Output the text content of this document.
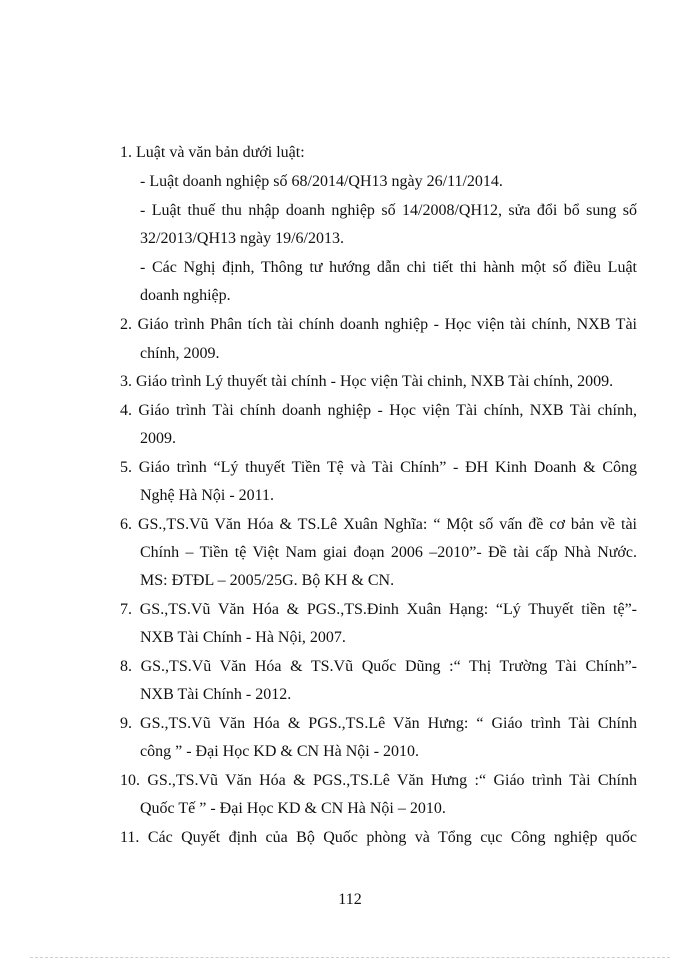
1. Luật và văn bản dưới luật:
- Luật doanh nghiệp số 68/2014/QH13 ngày 26/11/2014.
- Luật thuế thu nhập doanh nghiệp số 14/2008/QH12, sửa đổi bổ sung số
32/2013/QH13 ngày 19/6/2013.
- Các Nghị định, Thông tư hướng dẫn chi tiết thi hành một số điều Luật
doanh nghiệp.
2. Giáo trình Phân tích tài chính doanh nghiệp - Học viện tài chính, NXB Tài
chính, 2009.
3. Giáo trình Lý thuyết tài chính - Học viện Tài chinh, NXB Tài chính, 2009.
4. Giáo trình Tài chính doanh nghiệp - Học viện Tài chính, NXB Tài chính,
2009.
5. Giáo trình “Lý thuyết Tiền Tệ và Tài Chính” - ĐH Kinh Doanh & Công
Nghệ Hà Nội - 2011.
6. GS.,TS.Vũ Văn Hóa & TS.Lê Xuân Nghĩa: “ Một số vấn đề cơ bản về tài
Chính – Tiền tệ Việt Nam giai đoạn 2006 –2010”- Đề tài cấp Nhà Nước.
MS: ĐTĐL – 2005/25G. Bộ KH & CN.
7. GS.,TS.Vũ Văn Hóa & PGS.,TS.Đinh Xuân Hạng: “Lý Thuyết tiền tệ”-
NXB Tài Chính - Hà Nội, 2007.
8. GS.,TS.Vũ Văn Hóa & TS.Vũ Quốc Dũng :“ Thị Trường Tài Chính”-
NXB Tài Chính - 2012.
9. GS.,TS.Vũ Văn Hóa & PGS.,TS.Lê Văn Hưng: “ Giáo trình Tài Chính
công ” - Đại Học KD & CN Hà Nội - 2010.
10. GS.,TS.Vũ Văn Hóa & PGS.,TS.Lê Văn Hưng :“ Giáo trình Tài Chính
Quốc Tế ” - Đại Học KD & CN Hà Nội – 2010.
11. Các Quyết định của Bộ Quốc phòng và Tổng cục Công nghiệp quốc
112
